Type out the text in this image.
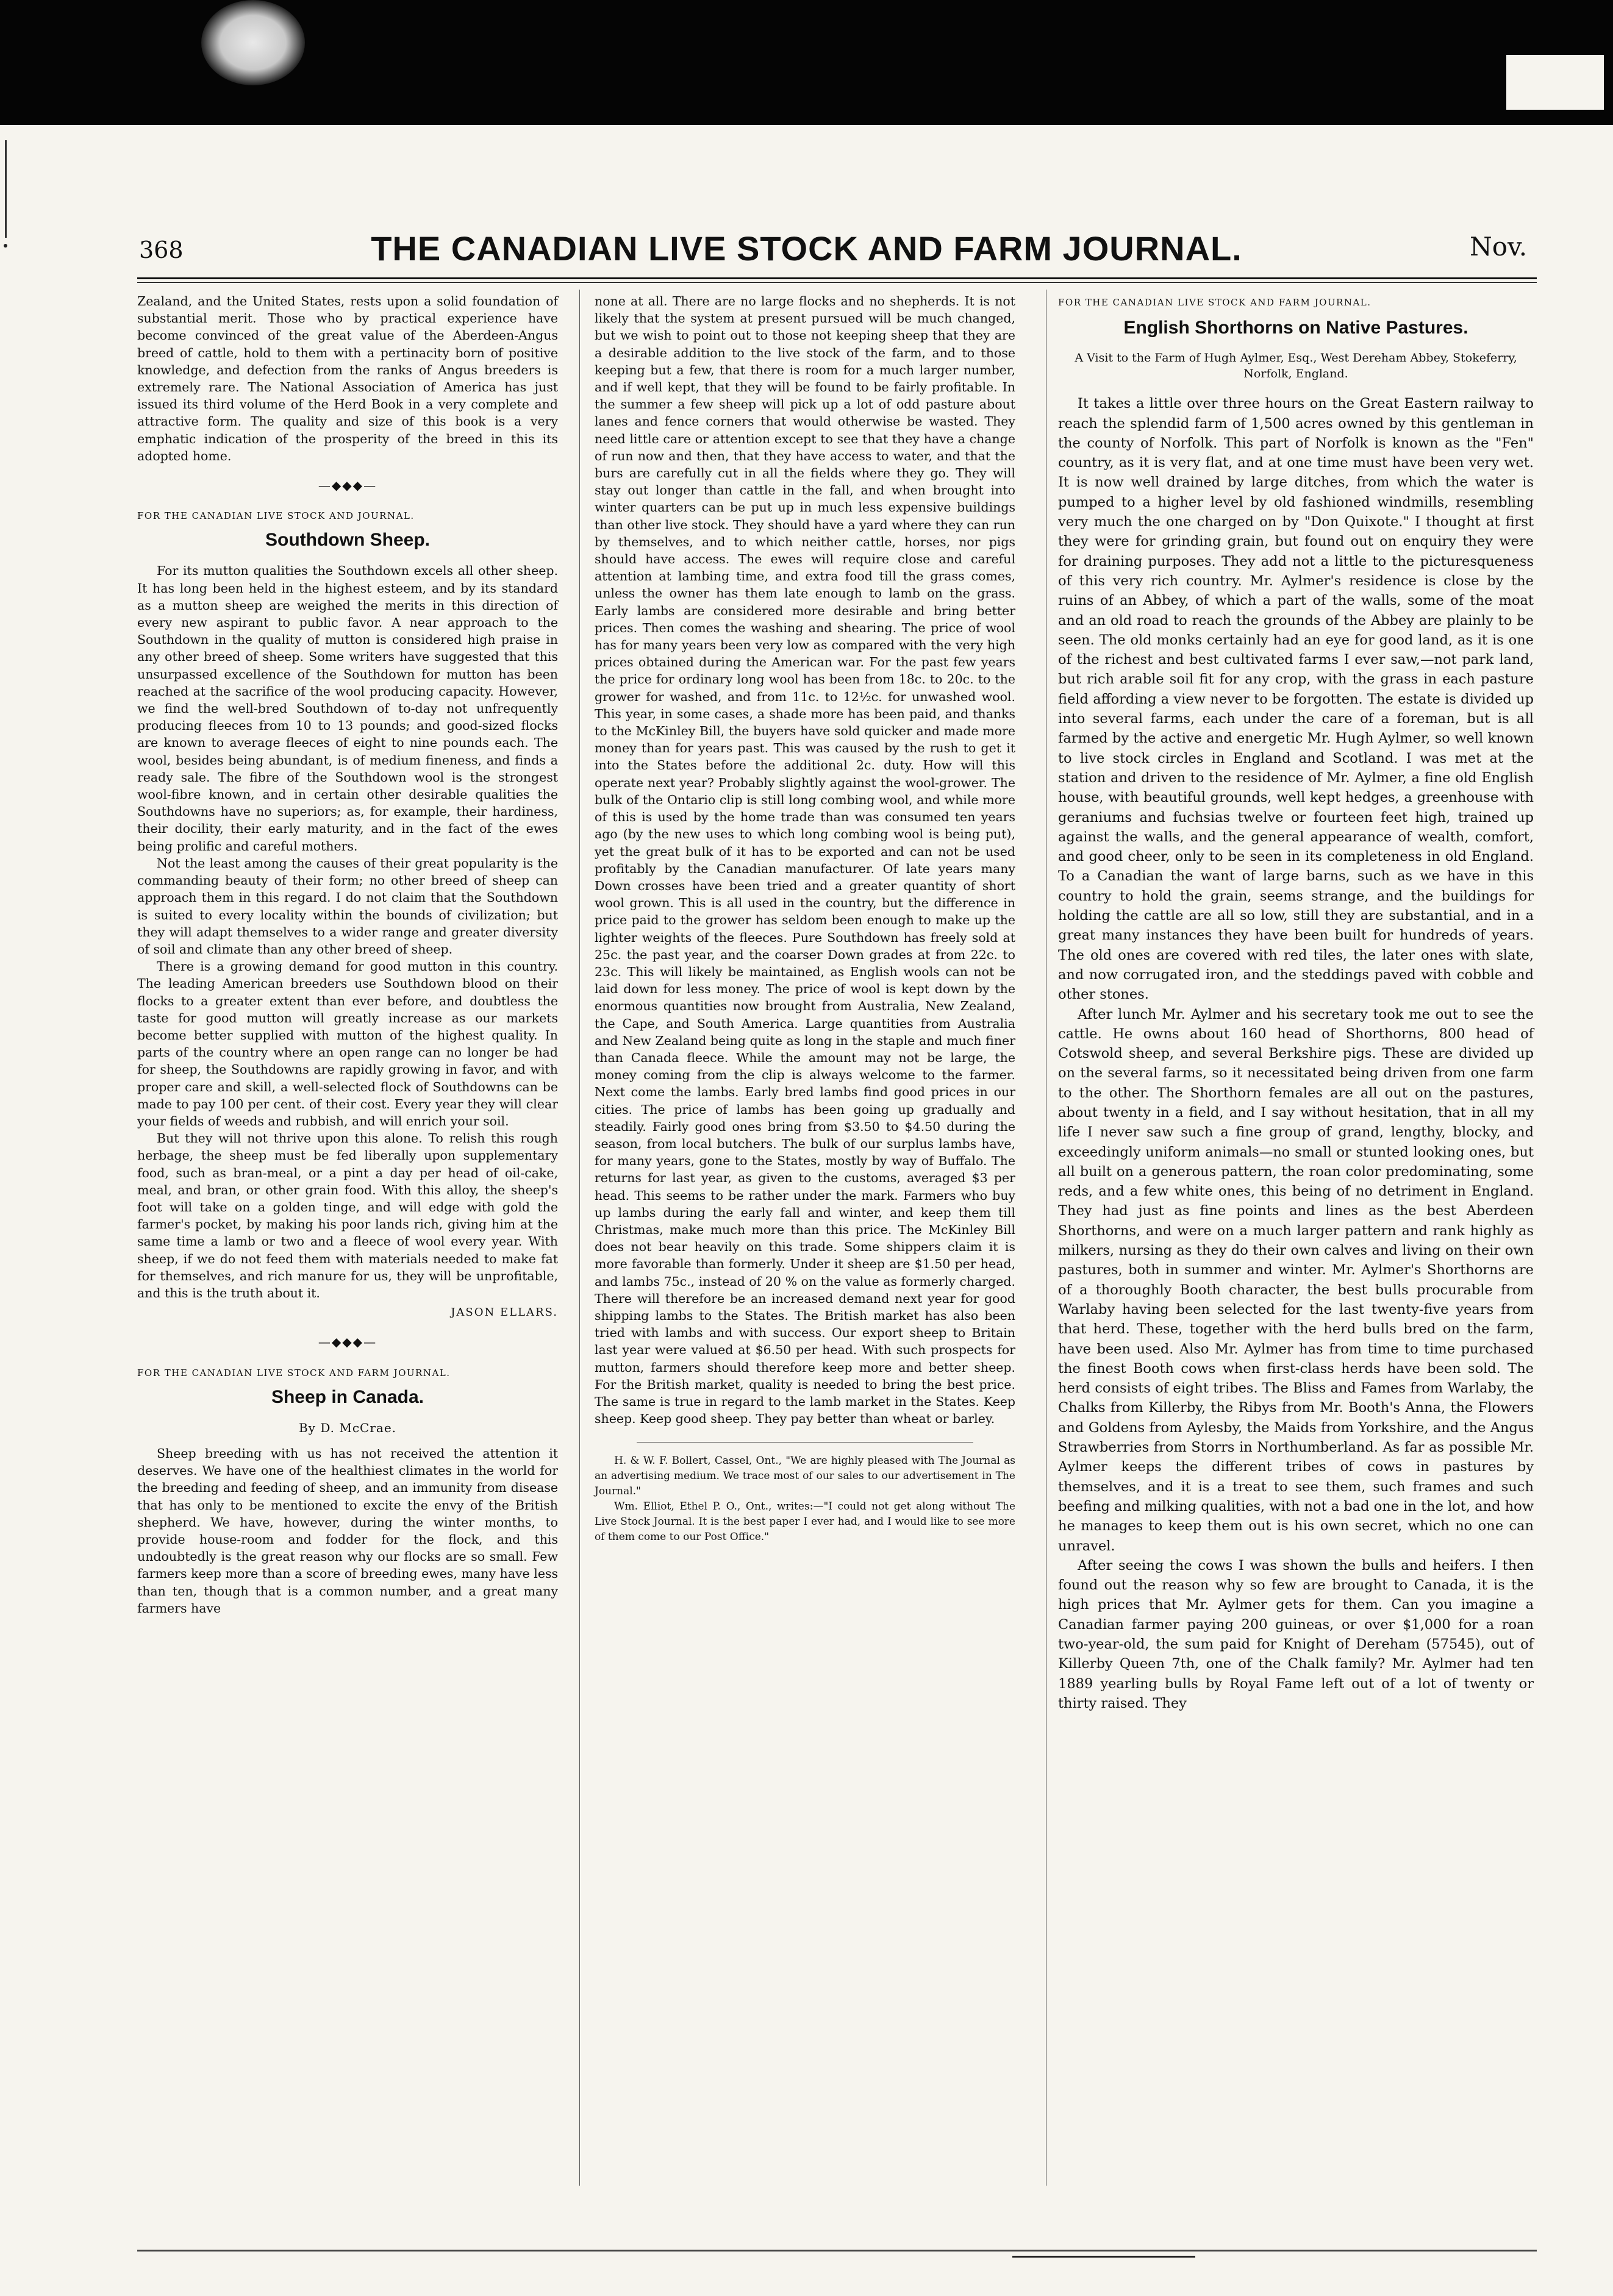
368	THE CANADIAN LIVE STOCK AND FARM JOURNAL.	Nov.

Zealand, and the United States, rests upon a solid foundation of substantial merit. Those who by practical experience have become convinced of the great value of the Aberdeen-Angus breed of cattle, hold to them with a pertinacity born of positive knowledge, and defection from the ranks of Angus breeders is extremely rare. The National Association of America has just issued its third volume of the Herd Book in a very complete and attractive form. The quality and size of this book is a very emphatic indication of the prosperity of the breed in this its adopted home.

—◆◆◆—
FOR THE CANADIAN LIVE STOCK AND JOURNAL.
Southdown Sheep.

For its mutton qualities the Southdown excels all other sheep. It has long been held in the highest esteem, and by its standard as a mutton sheep are weighed the merits in this direction of every new aspirant to public favor. A near approach to the Southdown in the quality of mutton is considered high praise in any other breed of sheep. Some writers have suggested that this unsurpassed excellence of the Southdown for mutton has been reached at the sacrifice of the wool producing capacity. However, we find the well-bred Southdown of to-day not unfrequently producing fleeces from 10 to 13 pounds; and good-sized flocks are known to average fleeces of eight to nine pounds each. The wool, besides being abundant, is of medium fineness, and finds a ready sale. The fibre of the Southdown wool is the strongest wool-fibre known, and in certain other desirable qualities the Southdowns have no superiors; as, for example, their hardiness, their docility, their early maturity, and in the fact of the ewes being prolific and careful mothers.

Not the least among the causes of their great popularity is the commanding beauty of their form; no other breed of sheep can approach them in this regard. I do not claim that the Southdown is suited to every locality within the bounds of civilization; but they will adapt themselves to a wider range and greater diversity of soil and climate than any other breed of sheep.

There is a growing demand for good mutton in this country. The leading American breeders use Southdown blood on their flocks to a greater extent than ever before, and doubtless the taste for good mutton will greatly increase as our markets become better supplied with mutton of the highest quality. In parts of the country where an open range can no longer be had for sheep, the Southdowns are rapidly growing in favor, and with proper care and skill, a well-selected flock of Southdowns can be made to pay 100 per cent. of their cost. Every year they will clear your fields of weeds and rubbish, and will enrich your soil.

But they will not thrive upon this alone. To relish this rough herbage, the sheep must be fed liberally upon supplementary food, such as bran-meal, or a pint a day per head of oil-cake, meal, and bran, or other grain food. With this alloy, the sheep's foot will take on a golden tinge, and will edge with gold the farmer's pocket, by making his poor lands rich, giving him at the same time a lamb or two and a fleece of wool every year. With sheep, if we do not feed them with materials needed to make fat for themselves, and rich manure for us, they will be unprofitable, and this is the truth about it.

JASON ELLARS.
—◆◆◆—
FOR THE CANADIAN LIVE STOCK AND FARM JOURNAL.
Sheep in Canada.
By D. McCrae.

Sheep breeding with us has not received the attention it deserves. We have one of the healthiest climates in the world for the breeding and feeding of sheep, and an immunity from disease that has only to be mentioned to excite the envy of the British shepherd. We have, however, during the winter months, to provide house-room and fodder for the flock, and this undoubtedly is the great reason why our flocks are so small. Few farmers keep more than a score of breeding ewes, many have less than ten, though that is a common number, and a great many farmers have

none at all. There are no large flocks and no shepherds. It is not likely that the system at present pursued will be much changed, but we wish to point out to those not keeping sheep that they are a desirable addition to the live stock of the farm, and to those keeping but a few, that there is room for a much larger number, and if well kept, that they will be found to be fairly profitable. In the summer a few sheep will pick up a lot of odd pasture about lanes and fence corners that would otherwise be wasted. They need little care or attention except to see that they have a change of run now and then, that they have access to water, and that the burs are carefully cut in all the fields where they go. They will stay out longer than cattle in the fall, and when brought into winter quarters can be put up in much less expensive buildings than other live stock. They should have a yard where they can run by themselves, and to which neither cattle, horses, nor pigs should have access. The ewes will require close and careful attention at lambing time, and extra food till the grass comes, unless the owner has them late enough to lamb on the grass. Early lambs are considered more desirable and bring better prices. Then comes the washing and shearing. The price of wool has for many years been very low as compared with the very high prices obtained during the American war. For the past few years the price for ordinary long wool has been from 18c. to 20c. to the grower for washed, and from 11c. to 12½c. for unwashed wool. This year, in some cases, a shade more has been paid, and thanks to the McKinley Bill, the buyers have sold quicker and made more money than for years past. This was caused by the rush to get it into the States before the additional 2c. duty. How will this operate next year? Probably slightly against the wool-grower. The bulk of the Ontario clip is still long combing wool, and while more of this is used by the home trade than was consumed ten years ago (by the new uses to which long combing wool is being put), yet the great bulk of it has to be exported and can not be used profitably by the Canadian manufacturer. Of late years many Down crosses have been tried and a greater quantity of short wool grown. This is all used in the country, but the difference in price paid to the grower has seldom been enough to make up the lighter weights of the fleeces. Pure Southdown has freely sold at 25c. the past year, and the coarser Down grades at from 22c. to 23c. This will likely be maintained, as English wools can not be laid down for less money. The price of wool is kept down by the enormous quantities now brought from Australia, New Zealand, the Cape, and South America. Large quantities from Australia and New Zealand being quite as long in the staple and much finer than Canada fleece. While the amount may not be large, the money coming from the clip is always welcome to the farmer. Next come the lambs. Early bred lambs find good prices in our cities. The price of lambs has been going up gradually and steadily. Fairly good ones bring from $3.50 to $4.50 during the season, from local butchers. The bulk of our surplus lambs have, for many years, gone to the States, mostly by way of Buffalo. The returns for last year, as given to the customs, averaged $3 per head. This seems to be rather under the mark. Farmers who buy up lambs during the early fall and winter, and keep them till Christmas, make much more than this price. The McKinley Bill does not bear heavily on this trade. Some shippers claim it is more favorable than formerly. Under it sheep are $1.50 per head, and lambs 75c., instead of 20 % on the value as formerly charged. There will therefore be an increased demand next year for good shipping lambs to the States. The British market has also been tried with lambs and with success. Our export sheep to Britain last year were valued at $6.50 per head. With such prospects for mutton, farmers should therefore keep more and better sheep. For the British market, quality is needed to bring the best price. The same is true in regard to the lamb market in the States. Keep sheep. Keep good sheep. They pay better than wheat or barley.

H. & W. F. Bollert, Cassel, Ont., "We are highly pleased with The Journal as an advertising medium. We trace most of our sales to our advertisement in The Journal."

Wm. Elliot, Ethel P. O., Ont., writes:—"I could not get along without The Live Stock Journal. It is the best paper I ever had, and I would like to see more of them come to our Post Office."

FOR THE CANADIAN LIVE STOCK AND FARM JOURNAL.
English Shorthorns on Native Pastures.
A Visit to the Farm of Hugh Aylmer, Esq., West Dereham Abbey, Stokeferry, Norfolk, England.

It takes a little over three hours on the Great Eastern railway to reach the splendid farm of 1,500 acres owned by this gentleman in the county of Norfolk. This part of Norfolk is known as the "Fen" country, as it is very flat, and at one time must have been very wet. It is now well drained by large ditches, from which the water is pumped to a higher level by old fashioned windmills, resembling very much the one charged on by "Don Quixote." I thought at first they were for grinding grain, but found out on enquiry they were for draining purposes. They add not a little to the picturesqueness of this very rich country. Mr. Aylmer's residence is close by the ruins of an Abbey, of which a part of the walls, some of the moat and an old road to reach the grounds of the Abbey are plainly to be seen. The old monks certainly had an eye for good land, as it is one of the richest and best cultivated farms I ever saw,—not park land, but rich arable soil fit for any crop, with the grass in each pasture field affording a view never to be forgotten. The estate is divided up into several farms, each under the care of a foreman, but is all farmed by the active and energetic Mr. Hugh Aylmer, so well known to live stock circles in England and Scotland. I was met at the station and driven to the residence of Mr. Aylmer, a fine old English house, with beautiful grounds, well kept hedges, a greenhouse with geraniums and fuchsias twelve or fourteen feet high, trained up against the walls, and the general appearance of wealth, comfort, and good cheer, only to be seen in its completeness in old England. To a Canadian the want of large barns, such as we have in this country to hold the grain, seems strange, and the buildings for holding the cattle are all so low, still they are substantial, and in a great many instances they have been built for hundreds of years. The old ones are covered with red tiles, the later ones with slate, and now corrugated iron, and the steddings paved with cobble and other stones.

After lunch Mr. Aylmer and his secretary took me out to see the cattle. He owns about 160 head of Shorthorns, 800 head of Cotswold sheep, and several Berkshire pigs. These are divided up on the several farms, so it necessitated being driven from one farm to the other. The Shorthorn females are all out on the pastures, about twenty in a field, and I say without hesitation, that in all my life I never saw such a fine group of grand, lengthy, blocky, and exceedingly uniform animals—no small or stunted looking ones, but all built on a generous pattern, the roan color predominating, some reds, and a few white ones, this being of no detriment in England. They had just as fine points and lines as the best Aberdeen Shorthorns, and were on a much larger pattern and rank highly as milkers, nursing as they do their own calves and living on their own pastures, both in summer and winter. Mr. Aylmer's Shorthorns are of a thoroughly Booth character, the best bulls procurable from Warlaby having been selected for the last twenty-five years from that herd. These, together with the herd bulls bred on the farm, have been used. Also Mr. Aylmer has from time to time purchased the finest Booth cows when first-class herds have been sold. The herd consists of eight tribes. The Bliss and Fames from Warlaby, the Chalks from Killerby, the Ribys from Mr. Booth's Anna, the Flowers and Goldens from Aylesby, the Maids from Yorkshire, and the Angus Strawberries from Storrs in Northumberland. As far as possible Mr. Aylmer keeps the different tribes of cows in pastures by themselves, and it is a treat to see them, such frames and such beefing and milking qualities, with not a bad one in the lot, and how he manages to keep them out is his own secret, which no one can unravel.

After seeing the cows I was shown the bulls and heifers. I then found out the reason why so few are brought to Canada, it is the high prices that Mr. Aylmer gets for them. Can you imagine a Canadian farmer paying 200 guineas, or over $1,000 for a roan two-year-old, the sum paid for Knight of Dereham (57545), out of Killerby Queen 7th, one of the Chalk family? Mr. Aylmer had ten 1889 yearling bulls by Royal Fame left out of a lot of twenty or thirty raised. They
